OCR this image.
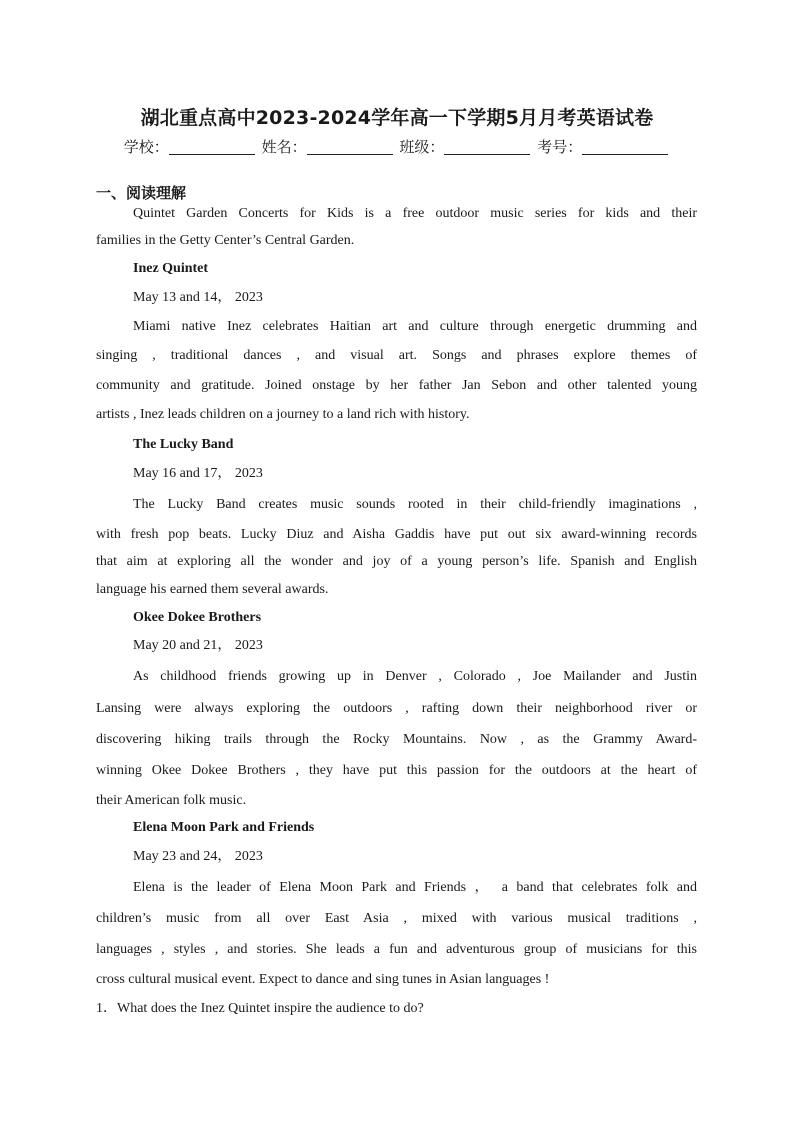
湖北重点高中2023-2024学年高一下学期5月月考英语试卷
学校：	姓名：	班级：	考号：
一、阅读理解
Quintet Garden Concerts for Kids is a free outdoor music series for kids and their
families in the Getty Center’s Central Garden.
Inez Quintet
May 13 and 14， 2023
Miami native Inez celebrates Haitian art and culture through energetic drumming and
singing , traditional dances , and visual art. Songs and phrases explore themes of
community and gratitude. Joined onstage by her father Jan Sebon and other talented young
artists , Inez leads children on a journey to a land rich with history.
The Lucky Band
May 16 and 17， 2023
The Lucky Band creates music sounds rooted in their child-friendly imaginations ,
with fresh pop beats. Lucky Diuz and Aisha Gaddis have put out six award-winning records
that aim at exploring all the wonder and joy of a young person’s life. Spanish and English
language his earned them several awards.
Okee Dokee Brothers
May 20 and 21， 2023
As childhood friends growing up in Denver , Colorado , Joe Mailander and Justin
Lansing were always exploring the outdoors , rafting down their neighborhood river or
discovering hiking trails through the Rocky Mountains. Now , as the Grammy Award-
winning Okee Dokee Brothers , they have put this passion for the outdoors at the heart of
their American folk music.
Elena Moon Park and Friends
May 23 and 24， 2023
Elena is the leader of Elena Moon Park and Friends ， a band that celebrates folk and
children’s music from all over East Asia , mixed with various musical traditions ,
languages , styles , and stories. She leads a fun and adventurous group of musicians for this
cross cultural musical event. Expect to dance and sing tunes in Asian languages !
1．What does the Inez Quintet inspire the audience to do?
